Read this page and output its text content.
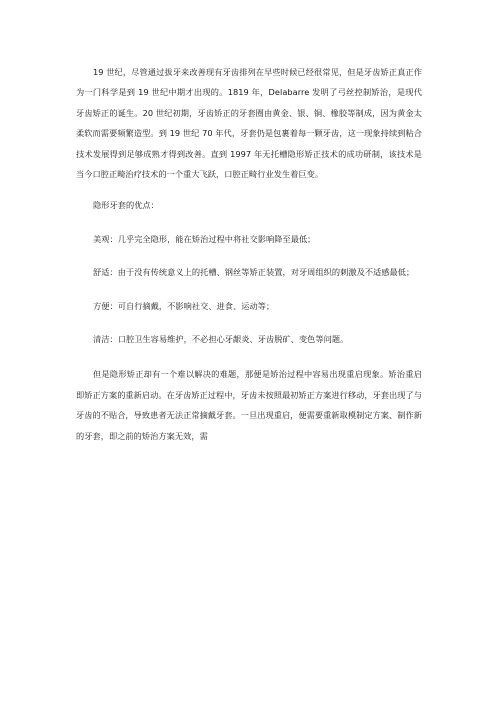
19 世纪，尽管通过拔牙来改善现有牙齿排列在早些时候已经很常见，但是牙齿矫正真正作为一门科学是到 19 世纪中期才出现的。1819 年，Delabarre 发明了弓丝控制矫治，是现代牙齿矫正的诞生。20 世纪初期，牙齿矫正的牙套圈由黄金、银、铜、橡胶等制成，因为黄金太柔软而需要频繁造型。到 19 世纪 70 年代，牙套仍是包裹着每一颗牙齿，这一现象持续到粘合技术发展得到足够成熟才得到改善。直到 1997 年无托槽隐形矫正技术的成功研制，该技术是当今口腔正畸治疗技术的一个重大飞跃，口腔正畸行业发生着巨变。

隐形牙套的优点：

美观：几乎完全隐形，能在矫治过程中将社交影响降至最低；

舒适：由于没有传统意义上的托槽、钢丝等矫正装置，对牙周组织的刺激及不适感最低；

方便：可自行摘戴，不影响社交、进食、运动等；

清洁：口腔卫生容易维护，不必担心牙龈炎、牙齿脱矿、变色等问题。

但是隐形矫正却有一个难以解决的难题，那便是矫治过程中容易出现重启现象。矫治重启即矫正方案的重新启动。在牙齿矫正过程中，牙齿未按照最初矫正方案进行移动，牙套出现了与牙齿的不贴合，导致患者无法正常摘戴牙套。一旦出现重启，便需要重新取模制定方案、制作新的牙套，即之前的矫治方案无效，需
